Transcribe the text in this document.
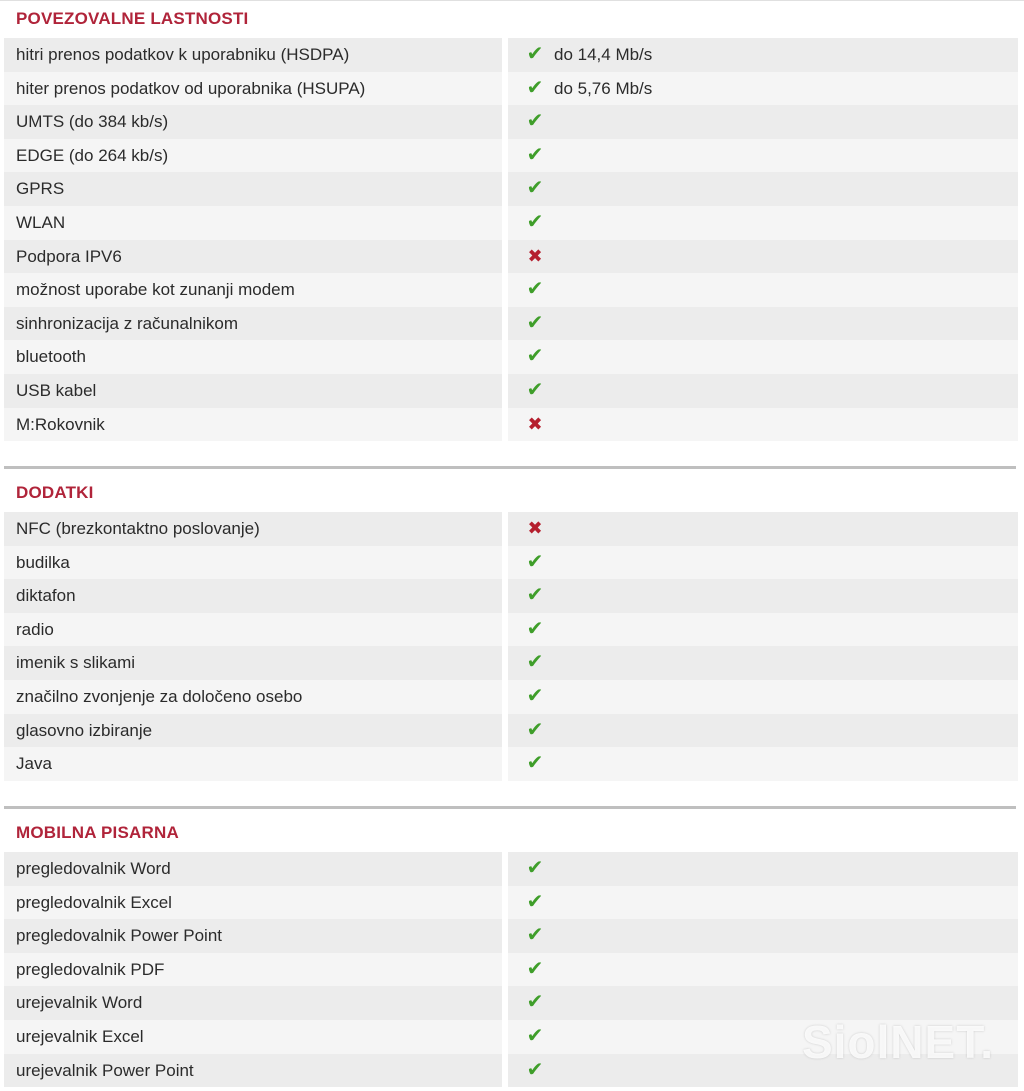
POVEZOVALNE LASTNOSTI
hitri prenos podatkov k uporabniku (HSDPA)	✔ do 14,4 Mb/s
hiter prenos podatkov od uporabnika (HSUPA)	✔ do 5,76 Mb/s
UMTS (do 384 kb/s)	✔
EDGE (do 264 kb/s)	✔
GPRS	✔
WLAN	✔
Podpora IPV6	✖
možnost uporabe kot zunanji modem	✔
sinhronizacija z računalnikom	✔
bluetooth	✔
USB kabel	✔
M:Rokovnik	✖
DODATKI
NFC (brezkontaktno poslovanje)	✖
budilka	✔
diktafon	✔
radio	✔
imenik s slikami	✔
značilno zvonjenje za določeno osebo	✔
glasovno izbiranje	✔
Java	✔
MOBILNA PISARNA
pregledovalnik Word	✔
pregledovalnik Excel	✔
pregledovalnik Power Point	✔
pregledovalnik PDF	✔
urejevalnik Word	✔
urejevalnik Excel	✔
urejevalnik Power Point	✔
SiolNET.
